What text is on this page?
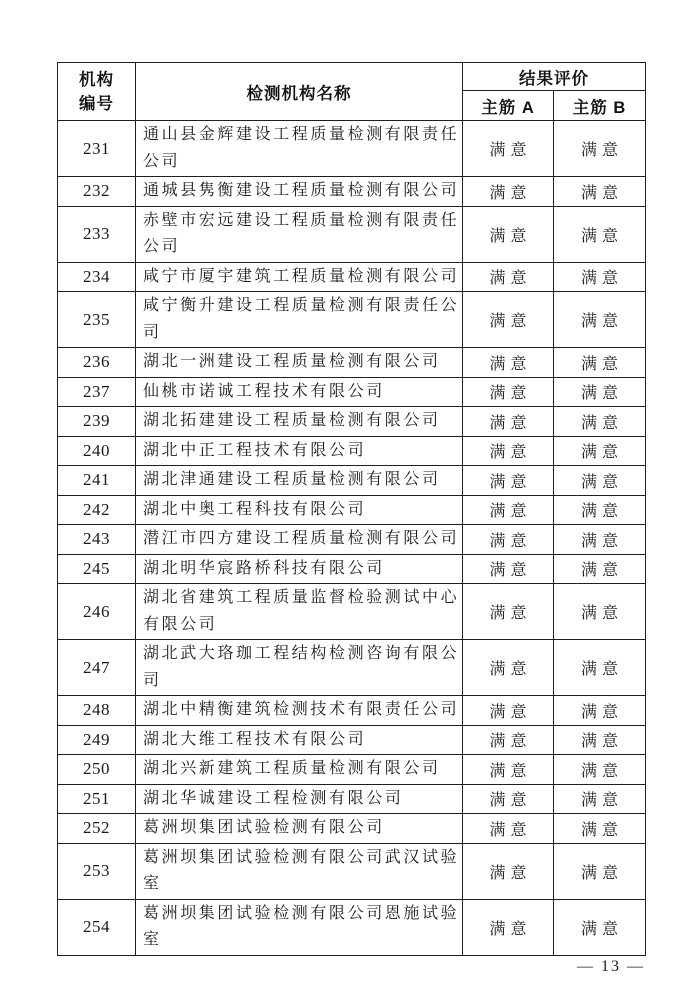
机构
编号	检测机构名称	结果评价	
		主筋 A	主筋 B
231	通山县金辉建设工程质量检测有限责任公司	满意	满意
232	通城县隽衡建设工程质量检测有限公司	满意	满意
233	赤壁市宏远建设工程质量检测有限责任公司	满意	满意
234	咸宁市厦宇建筑工程质量检测有限公司	满意	满意
235	咸宁衡升建设工程质量检测有限责任公司	满意	满意
236	湖北一洲建设工程质量检测有限公司	满意	满意
237	仙桃市诺诚工程技术有限公司	满意	满意
239	湖北拓建建设工程质量检测有限公司	满意	满意
240	湖北中正工程技术有限公司	满意	满意
241	湖北津通建设工程质量检测有限公司	满意	满意
242	湖北中奥工程科技有限公司	满意	满意
243	潜江市四方建设工程质量检测有限公司	满意	满意
245	湖北明华宸路桥科技有限公司	满意	满意
246	湖北省建筑工程质量监督检验测试中心有限公司	满意	满意
247	湖北武大珞珈工程结构检测咨询有限公司	满意	满意
248	湖北中精衡建筑检测技术有限责任公司	满意	满意
249	湖北大维工程技术有限公司	满意	满意
250	湖北兴新建筑工程质量检测有限公司	满意	满意
251	湖北华诚建设工程检测有限公司	满意	满意
252	葛洲坝集团试验检测有限公司	满意	满意
253	葛洲坝集团试验检测有限公司武汉试验室	满意	满意
254	葛洲坝集团试验检测有限公司恩施试验室	满意	满意
— 13 —
